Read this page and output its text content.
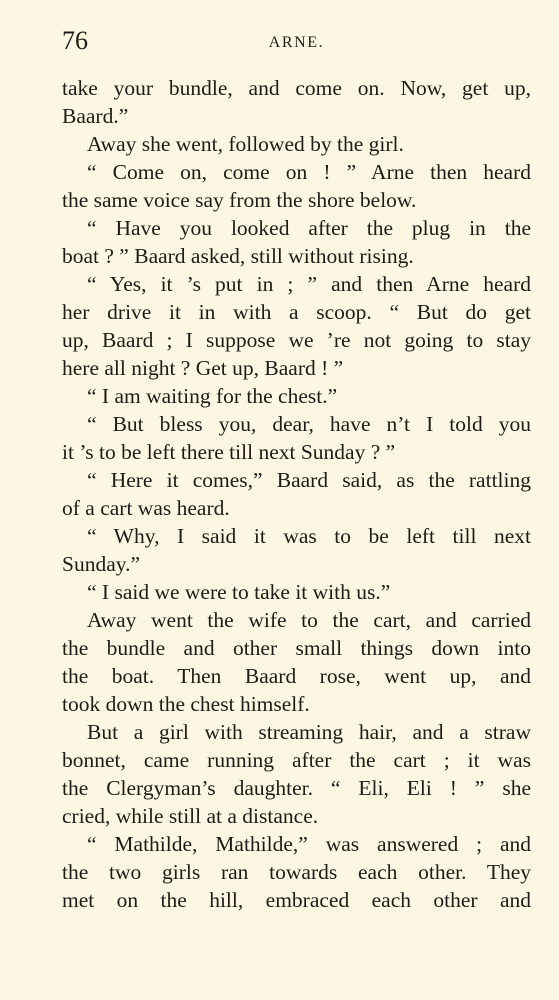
76	ARNE.
take your bundle, and come on. Now, get up,
Baard.”
Away she went, followed by the girl.
“ Come on, come on ! ” Arne then heard
the same voice say from the shore below.
“ Have you looked after the plug in the
boat ? ” Baard asked, still without rising.
“ Yes, it ’s put in ; ” and then Arne heard
her drive it in with a scoop. “ But do get
up, Baard ; I suppose we ’re not going to stay
here all night ? Get up, Baard ! ”
“ I am waiting for the chest.”
“ But bless you, dear, have n’t I told you
it ’s to be left there till next Sunday ? ”
“ Here it comes,” Baard said, as the rattling
of a cart was heard.
“ Why, I said it was to be left till next
Sunday.”
“ I said we were to take it with us.”
Away went the wife to the cart, and carried
the bundle and other small things down into
the boat. Then Baard rose, went up, and
took down the chest himself.
But a girl with streaming hair, and a straw
bonnet, came running after the cart ; it was
the Clergyman’s daughter. “ Eli, Eli ! ” she
cried, while still at a distance.
“ Mathilde, Mathilde,” was answered ; and
the two girls ran towards each other. They
met on the hill, embraced each other and
